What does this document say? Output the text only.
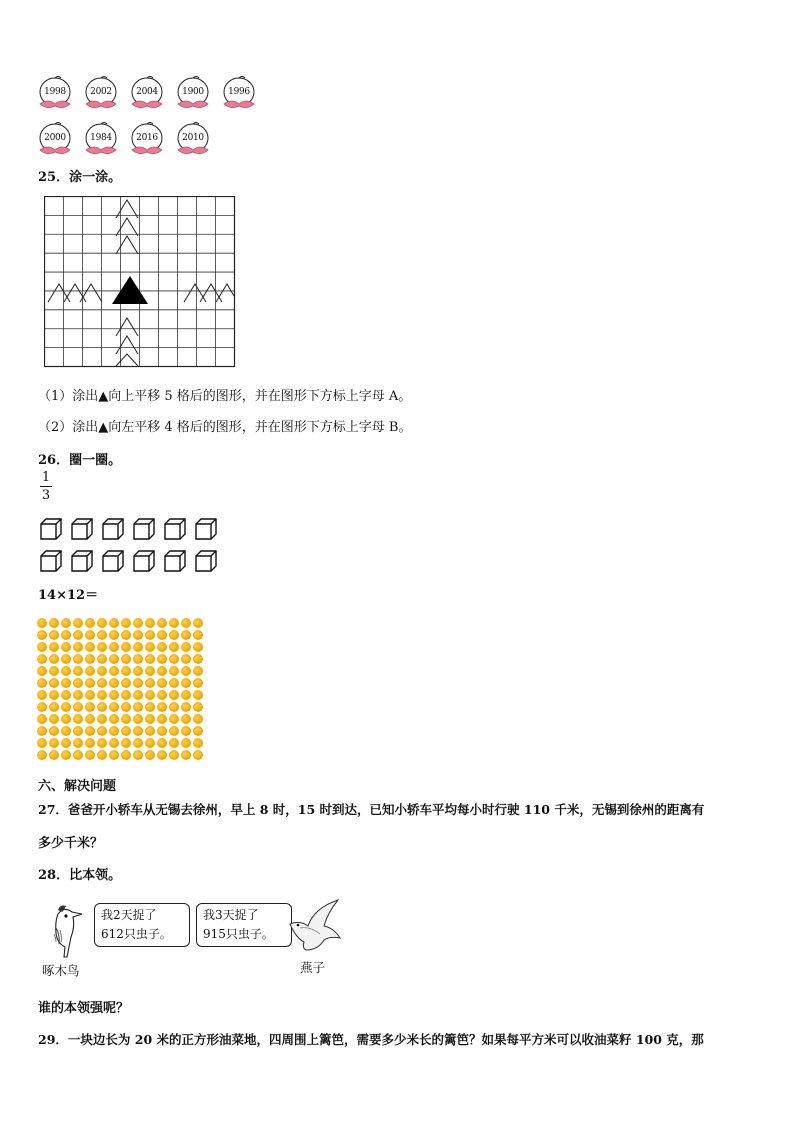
1998	2002	2004	1900	1996
2000	1984	2016	2010
25．涂一涂。
（1）涂出▲向上平移 5 格后的图形，并在图形下方标上字母 A。
（2）涂出▲向左平移 4 格后的图形，并在图形下方标上字母 B。
26．圈一圈。
1
3
14×12＝
六、解决问题
27．爸爸开小轿车从无锡去徐州，早上 8 时，15 时到达，已知小轿车平均每小时行驶 110 千米，无锡到徐州的距离有
多少千米？
28．比本领。
我2天捉了
612只虫子。
啄木鸟
我3天捉了
915只虫子。
燕子
谁的本领强呢？
29．一块边长为 20 米的正方形油菜地，四周围上篱笆，需要多少米长的篱笆？如果每平方米可以收油菜籽 100 克，那
